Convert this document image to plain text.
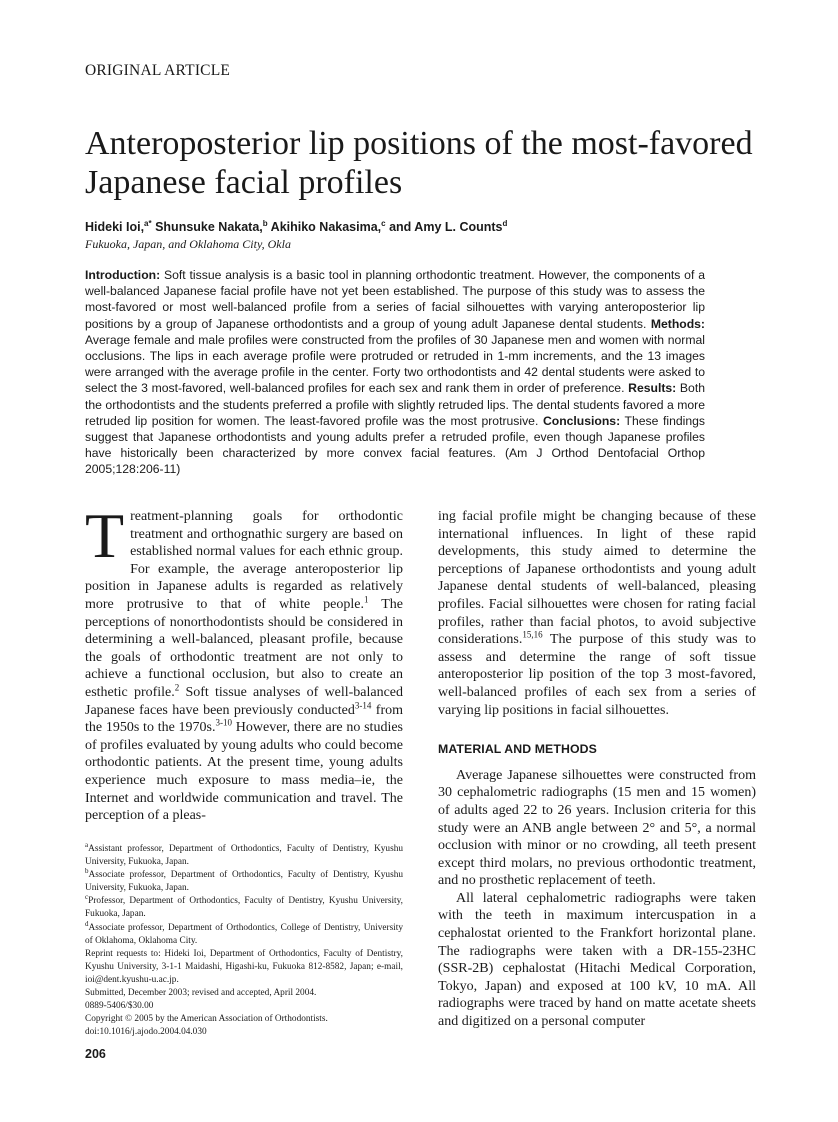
ORIGINAL ARTICLE
Anteroposterior lip positions of the most-favored Japanese facial profiles
Hideki Ioi,$^{a*}$ Shunsuke Nakata,$^b$ Akihiko Nakasima,$^c$ and Amy L. Counts$^d$
Fukuoka, Japan, and Oklahoma City, Okla

Introduction: Soft tissue analysis is a basic tool in planning orthodontic treatment. However, the components of a well-balanced Japanese facial profile have not yet been established. The purpose of this study was to assess the most-favored or most well-balanced profile from a series of facial silhouettes with varying anteroposterior lip positions by a group of Japanese orthodontists and a group of young adult Japanese dental students. Methods: Average female and male profiles were constructed from the profiles of 30 Japanese men and women with normal occlusions. The lips in each average profile were protruded or retruded in 1-mm increments, and the 13 images were arranged with the average profile in the center. Forty two orthodontists and 42 dental students were asked to select the 3 most-favored, well-balanced profiles for each sex and rank them in order of preference. Results: Both the orthodontists and the students preferred a profile with slightly retruded lips. The dental students favored a more retruded lip position for women. The least-favored profile was the most protrusive. Conclusions: These findings suggest that Japanese orthodontists and young adults prefer a retruded profile, even though Japanese profiles have historically been characterized by more convex facial features. (Am J Orthod Dentofacial Orthop 2005;128:206-11)

Treatment-planning goals for orthodontic treatment and orthognathic surgery are based on established normal values for each ethnic group. For example, the average anteroposterior lip position in Japanese adults is regarded as relatively more protrusive to that of white people.$^1$ The perceptions of nonorthodontists should be considered in determining a well-balanced, pleasant profile, because the goals of orthodontic treatment are not only to achieve a functional occlusion, but also to create an esthetic profile.$^2$ Soft tissue analyses of well-balanced Japanese faces have been previously conducted$^{3-14}$ from the 1950s to the 1970s.$^{3-10}$ However, there are no studies of profiles evaluated by young adults who could become orthodontic patients. At the present time, young adults experience much exposure to mass media–ie, the Internet and worldwide communication and travel. The perception of a pleas-

ing facial profile might be changing because of these international influences. In light of these rapid developments, this study aimed to determine the perceptions of Japanese orthodontists and young adult Japanese dental students of well-balanced, pleasing profiles. Facial silhouettes were chosen for rating facial profiles, rather than facial photos, to avoid subjective considerations.$^{15,16}$ The purpose of this study was to assess and determine the range of soft tissue anteroposterior lip position of the top 3 most-favored, well-balanced profiles of each sex from a series of varying lip positions in facial silhouettes.

MATERIAL AND METHODS

Average Japanese silhouettes were constructed from 30 cephalometric radiographs (15 men and 15 women) of adults aged 22 to 26 years. Inclusion criteria for this study were an ANB angle between 2° and 5°, a normal occlusion with minor or no crowding, all teeth present except third molars, no previous orthodontic treatment, and no prosthetic replacement of teeth.

All lateral cephalometric radiographs were taken with the teeth in maximum intercuspation in a cephalostat oriented to the Frankfort horizontal plane. The radiographs were taken with a DR-155-23HC (SSR-2B) cephalostat (Hitachi Medical Corporation, Tokyo, Japan) and exposed at 100 kV, 10 mA. All radiographs were traced by hand on matte acetate sheets and digitized on a personal computer

$^a$Assistant professor, Department of Orthodontics, Faculty of Dentistry, Kyushu University, Fukuoka, Japan.
$^b$Associate professor, Department of Orthodontics, Faculty of Dentistry, Kyushu University, Fukuoka, Japan.
$^c$Professor, Department of Orthodontics, Faculty of Dentistry, Kyushu University, Fukuoka, Japan.
$^d$Associate professor, Department of Orthodontics, College of Dentistry, University of Oklahoma, Oklahoma City.
Reprint requests to: Hideki Ioi, Department of Orthodontics, Faculty of Dentistry, Kyushu University, 3-1-1 Maidashi, Higashi-ku, Fukuoka 812-8582, Japan; e-mail, ioi@dent.kyushu-u.ac.jp.
Submitted, December 2003; revised and accepted, April 2004.
0889-5406/$30.00
Copyright © 2005 by the American Association of Orthodontists.
doi:10.1016/j.ajodo.2004.04.030
206
